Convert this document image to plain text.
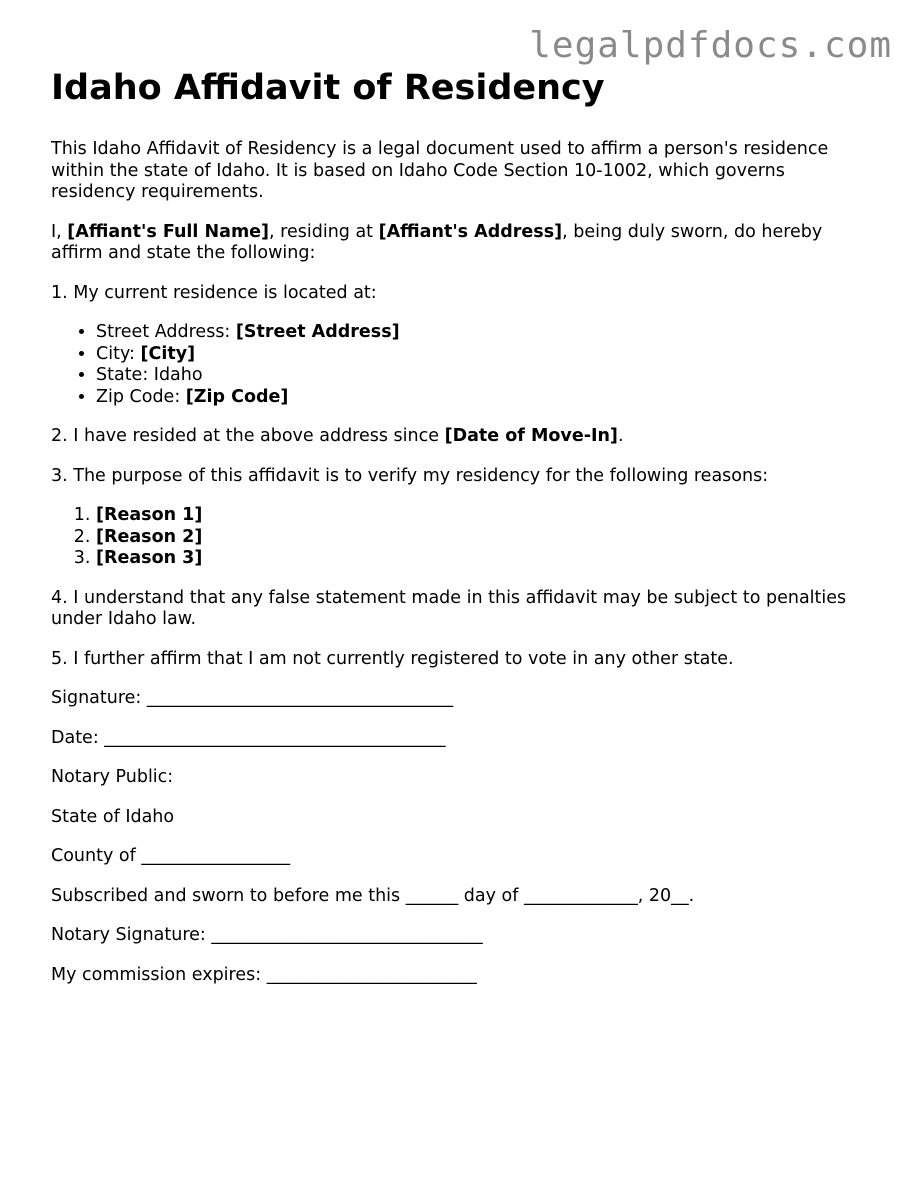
legalpdfdocs.com
Idaho Affidavit of Residency

This Idaho Affidavit of Residency is a legal document used to affirm a person's residence within the state of Idaho. It is based on Idaho Code Section 10-1002, which governs residency requirements.

I, [Affiant's Full Name], residing at [Affiant's Address], being duly sworn, do hereby affirm and state the following:

1. My current residence is located at:

• Street Address: [Street Address]
• City: [City]
• State: Idaho
• Zip Code: [Zip Code]

2. I have resided at the above address since [Date of Move-In].

3. The purpose of this affidavit is to verify my residency for the following reasons:

1. [Reason 1]
2. [Reason 2]
3. [Reason 3]

4. I understand that any false statement made in this affidavit may be subject to penalties under Idaho law.

5. I further affirm that I am not currently registered to vote in any other state.

Signature: ___________________________________

Date: _______________________________________

Notary Public:

State of Idaho

County of _________________

Subscribed and sworn to before me this ______ day of _____________, 20__.

Notary Signature: _______________________________

My commission expires: ________________________
